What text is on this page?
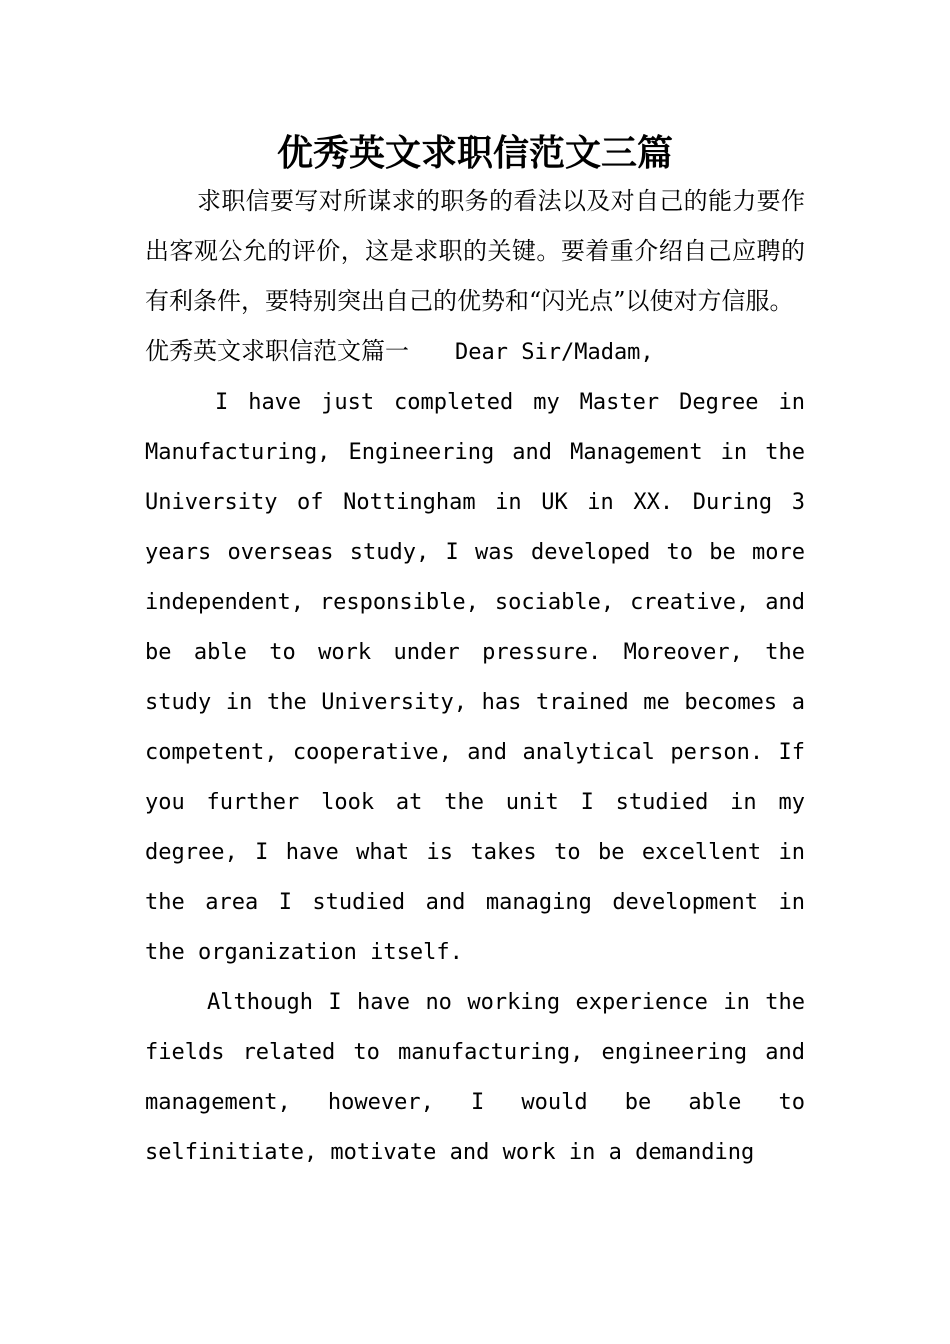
优秀英文求职信范文三篇

求职信要写对所谋求的职务的看法以及对自己的能力要作出客观公允的评价，这是求职的关键。要着重介绍自己应聘的有利条件，要特别突出自己的优势和“闪光点”以使对方信服。

优秀英文求职信范文篇一 Dear Sir/Madam,

I have just completed my Master Degree in Manufacturing, Engineering and Management in the University of Nottingham in UK in XX. During 3 years overseas study, I was developed to be more independent, responsible, sociable, creative, and be able to work under pressure. Moreover, the study in the University, has trained me becomes a competent, cooperative, and analytical person. If you further look at the unit I studied in my degree, I have what is takes to be excellent in the area I studied and managing development in the organization itself.

Although I have no working experience in the fields related to manufacturing, engineering and management, however, I would be able to selfinitiate, motivate and work in a demanding
